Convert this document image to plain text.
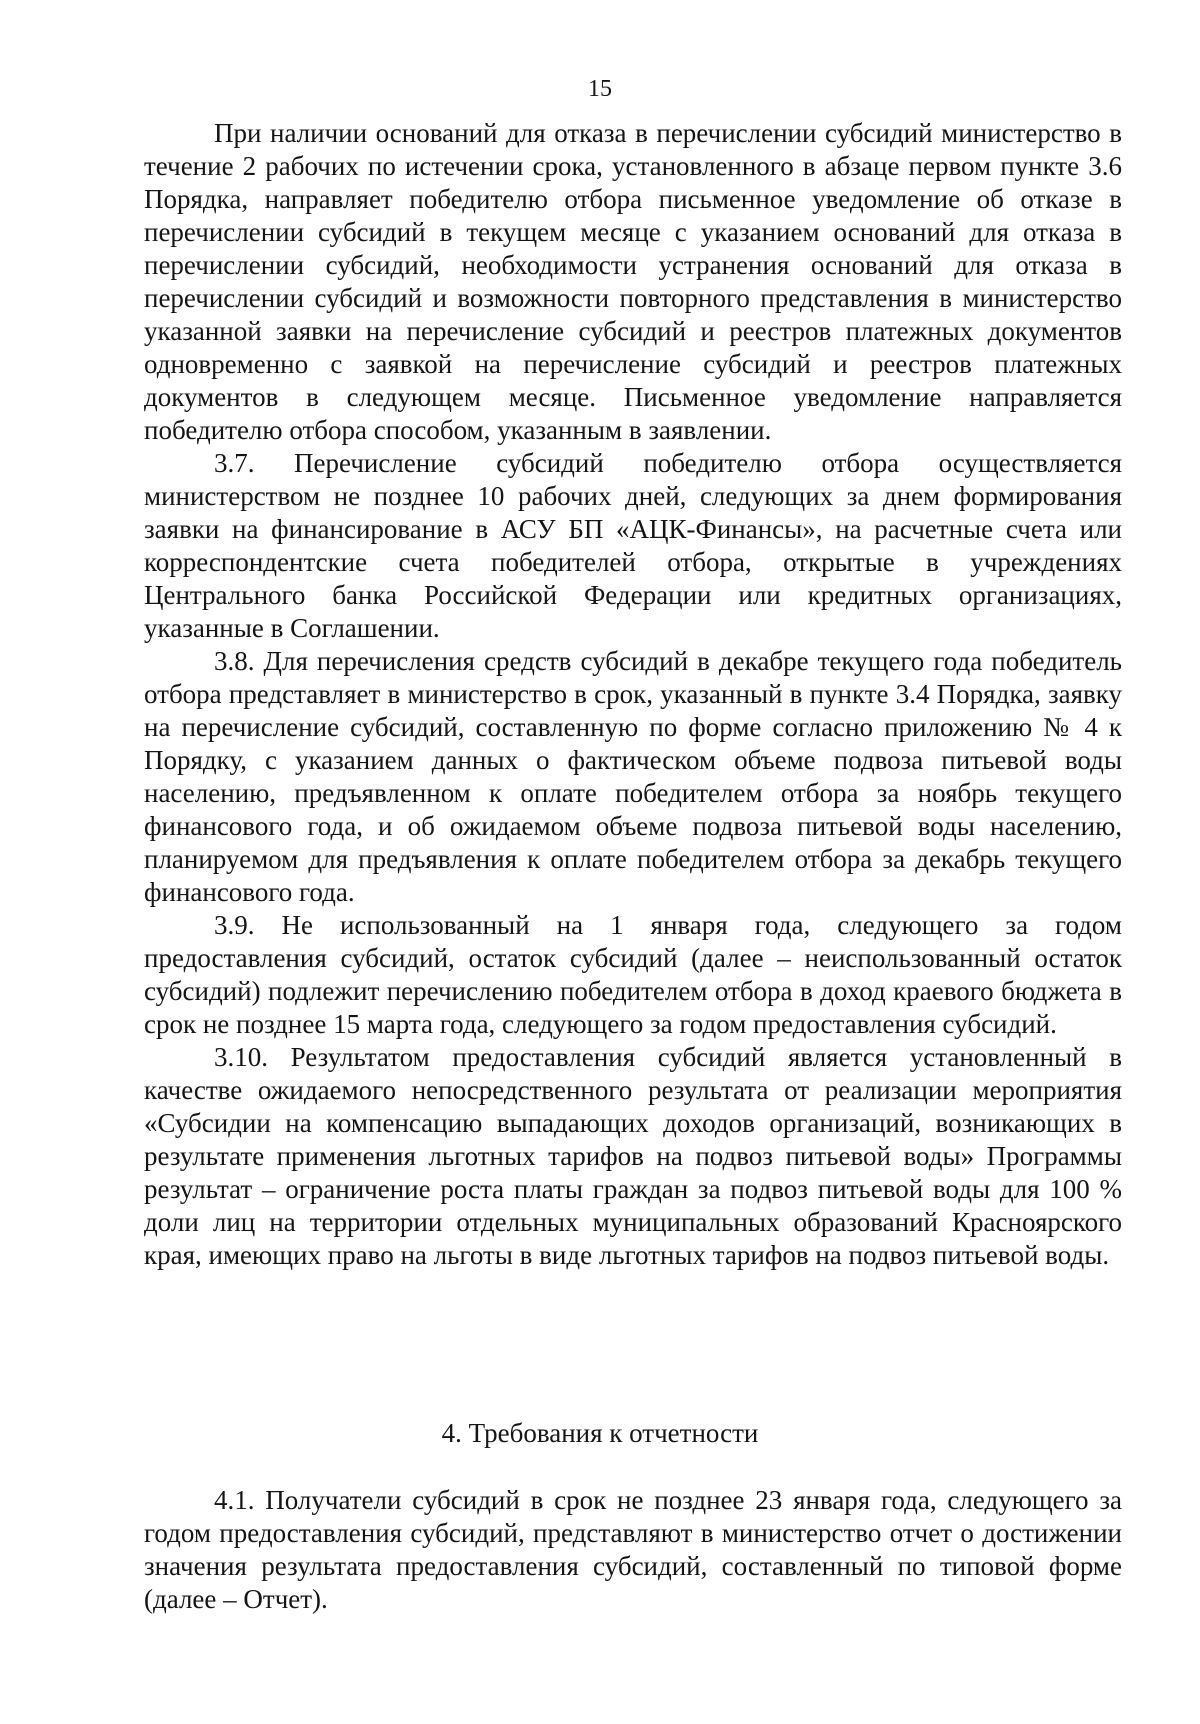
15

При наличии оснований для отказа в перечислении субсидий министерство в течение 2 рабочих по истечении срока, установленного в абзаце первом пункте 3.6 Порядка, направляет победителю отбора письменное уведомление об отказе в перечислении субсидий в текущем месяце с указанием оснований для отказа в перечислении субсидий, необходимости устранения оснований для отказа в перечислении субсидий и возможности повторного представления в министерство указанной заявки на перечисление субсидий и реестров платежных документов одновременно с заявкой на перечисление субсидий и реестров платежных документов в следующем месяце. Письменное уведомление направляется победителю отбора способом, указанным в заявлении.

3.7. Перечисление субсидий победителю отбора осуществляется министерством не позднее 10 рабочих дней, следующих за днем формирования заявки на финансирование в АСУ БП «АЦК-Финансы», на расчетные счета или корреспондентские счета победителей отбора, открытые в учреждениях Центрального банка Российской Федерации или кредитных организациях, указанные в Соглашении.

3.8. Для перечисления средств субсидий в декабре текущего года победитель отбора представляет в министерство в срок, указанный в пункте 3.4 Порядка, заявку на перечисление субсидий, составленную по форме согласно приложению № 4 к Порядку, с указанием данных о фактическом объеме подвоза питьевой воды населению, предъявленном к оплате победителем отбора за ноябрь текущего финансового года, и об ожидаемом объеме подвоза питьевой воды населению, планируемом для предъявления к оплате победителем отбора за декабрь текущего финансового года.

3.9. Не использованный на 1 января года, следующего за годом предоставления субсидий, остаток субсидий (далее – неиспользованный остаток субсидий) подлежит перечислению победителем отбора в доход краевого бюджета в срок не позднее 15 марта года, следующего за годом предоставления субсидий.

3.10. Результатом предоставления субсидий является установленный в качестве ожидаемого непосредственного результата от реализации мероприятия «Субсидии на компенсацию выпадающих доходов организаций, возникающих в результате применения льготных тарифов на подвоз питьевой воды» Программы результат – ограничение роста платы граждан за подвоз питьевой воды для 100 % доли лиц на территории отдельных муниципальных образований Красноярского края, имеющих право на льготы в виде льготных тарифов на подвоз питьевой воды.

4. Требования к отчетности

4.1. Получатели субсидий в срок не позднее 23 января года, следующего за годом предоставления субсидий, представляют в министерство отчет о достижении значения результата предоставления субсидий, составленный по типовой форме (далее – Отчет).
